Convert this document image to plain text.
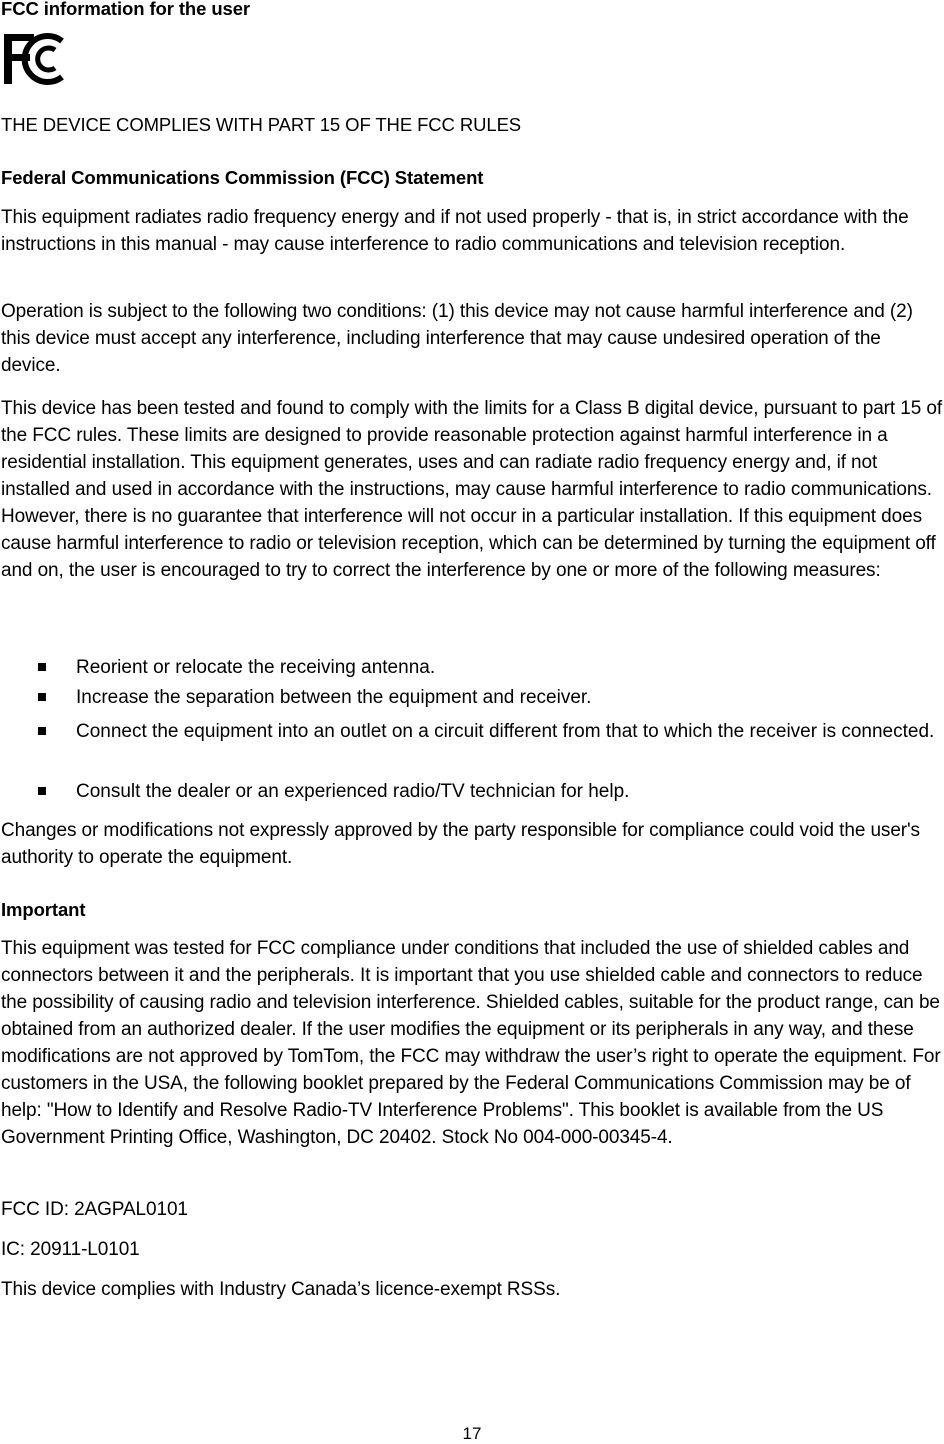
FCC information for the user
THE DEVICE COMPLIES WITH PART 15 OF THE FCC RULES
Federal Communications Commission (FCC) Statement

This equipment radiates radio frequency energy and if not used properly - that is, in strict accordance with the instructions in this manual - may cause interference to radio communications and television reception.

Operation is subject to the following two conditions: (1) this device may not cause harmful interference and (2) this device must accept any interference, including interference that may cause undesired operation of the device.

This device has been tested and found to comply with the limits for a Class B digital device, pursuant to part 15 of the FCC rules. These limits are designed to provide reasonable protection against harmful interference in a residential installation. This equipment generates, uses and can radiate radio frequency energy and, if not installed and used in accordance with the instructions, may cause harmful interference to radio communications. However, there is no guarantee that interference will not occur in a particular installation. If this equipment does cause harmful interference to radio or television reception, which can be determined by turning the equipment off and on, the user is encouraged to try to correct the interference by one or more of the following measures:

Reorient or relocate the receiving antenna.
Increase the separation between the equipment and receiver.
Connect the equipment into an outlet on a circuit different from that to which the receiver is connected.
Consult the dealer or an experienced radio/TV technician for help.

Changes or modifications not expressly approved by the party responsible for compliance could void the user's authority to operate the equipment.

Important

This equipment was tested for FCC compliance under conditions that included the use of shielded cables and connectors between it and the peripherals. It is important that you use shielded cable and connectors to reduce the possibility of causing radio and television interference. Shielded cables, suitable for the product range, can be obtained from an authorized dealer. If the user modifies the equipment or its peripherals in any way, and these modifications are not approved by TomTom, the FCC may withdraw the user’s right to operate the equipment. For customers in the USA, the following booklet prepared by the Federal Communications Commission may be of help: "How to Identify and Resolve Radio-TV Interference Problems". This booklet is available from the US Government Printing Office, Washington, DC 20402. Stock No 004-000-00345-4.

FCC ID: 2AGPAL0101
IC: 20911-L0101
This device complies with Industry Canada’s licence-exempt RSSs.
17
